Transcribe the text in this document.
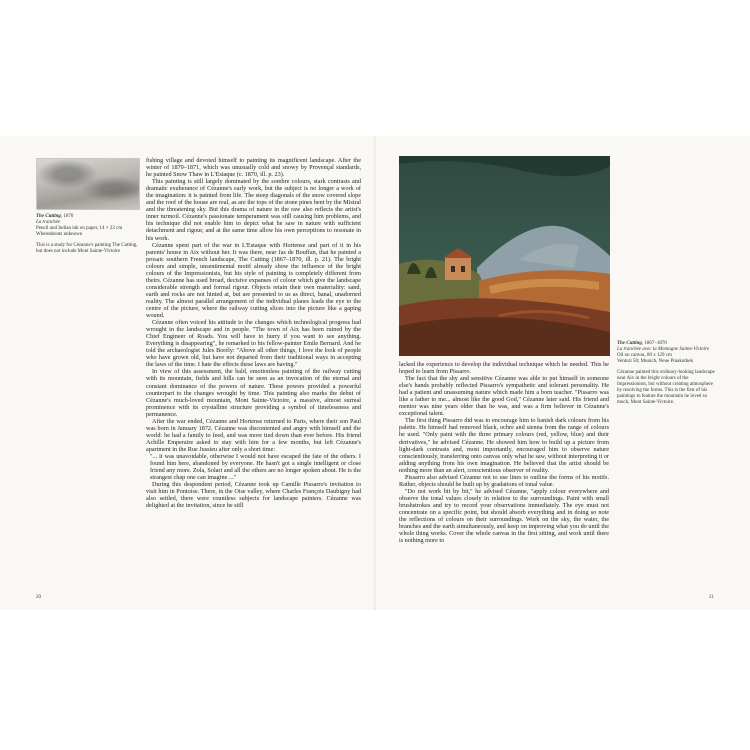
The Cutting, 1870
La tranchée
Pencil and Indian ink on paper, 14 × 23 cm
Whereabouts unknown
This is a study for Cézanne's painting The Cutting, but does not include Mont Sainte-Victoire

fishing village and devoted himself to painting its magnificent landscape. After the winter of 1870–1871, which was unusually cold and snowy by Provençal standards, he painted Snow Thaw in L'Estaque (c. 1870, ill. p. 23).

This painting is still largely dominated by the sombre colours, stark contrasts and dramatic exuberance of Cézanne's early work, but the subject is no longer a work of the imagination: it is painted from life. The steep diagonals of the snow covered slope and the roof of the house are real, as are the tops of the stone pines bent by the Mistral and the threatening sky. But this drama of nature in the raw also reflects the artist's inner turmoil. Cézanne's passionate temperament was still causing him problems, and his technique did not enable him to depict what he saw in nature with sufficient detachment and rigour, and at the same time allow his own perceptions to resonate in his work.

Cézanne spent part of the war in L'Estaque with Hortense and part of it in his parents' house in Aix without her. It was there, near Jas de Bouffan, that he painted a prosaic southern French landscape, The Cutting (1867–1870, ill. p. 21). The bright colours and simple, unsentimental motif already show the influence of the bright colours of the Impressionists, but his style of painting is completely different from theirs. Cézanne has used broad, decisive expanses of colour which give the landscape considerable strength and formal rigour. Objects retain their own materiality: sand, earth and rocks are not hinted at, but are presented to us as direct, banal, unadorned reality. The almost parallel arrangement of the individual planes leads the eye to the centre of the picture, where the railway cutting slices into the picture like a gaping wound.

Cézanne often voiced his attitude to the changes which technological progress had wrought in the landscape and in people. "The town of Aix has been ruined by the Chief Engineer of Roads. You will have to hurry if you want to see anything. Everything is disappearing", he remarked to his fellow-painter Emile Bernard. And he told the archaeologist Jules Borély: "Above all other things, I love the look of people who have grown old, but have not departed from their traditional ways in accepting the laws of the time. I hate the effects these laws are having."

In view of this assessment, the bald, emotionless painting of the railway cutting with its mountain, fields and hills can be seen as an invocation of the eternal and constant dominance of the powers of nature. These powers provided a powerful counterpart to the changes wrought by time. This painting also marks the debut of Cézanne's much-loved mountain, Mont Sainte-Victoire, a massive, almost surreal prominence with its crystalline structure providing a symbol of timelessness and permanence.

After the war ended, Cézanne and Hortense returned to Paris, where their son Paul was born in January 1872. Cézanne was discontented and angry with himself and the world: he had a family to feed, and was more tied down than ever before. His friend Achille Emperaire asked to stay with him for a few months, but left Cézanne's apartment in the Rue Jussieu after only a short time:

"... it was unavoidable, otherwise I would not have escaped the fate of the others. I found him here, abandoned by everyone. He hasn't got a single intelligent or close friend any more. Zola, Solari and all the others are no longer spoken about. He is the strangest chap one can imagine ..."

During this despondent period, Cézanne took up Camille Pissarro's invitation to visit him in Pontoise. There, in the Oise valley, where Charles François Daubigny had also settled, there were countless subjects for landscape painters. Cézanne was delighted at the invitation, since he still

20

lacked the experience to develop the individual technique which he needed. This he hoped to learn from Pissarro.

The fact that the shy and sensitive Cézanne was able to put himself in someone else's hands probably reflected Pissarro's sympathetic and tolerant personality. He had a patient and unassuming nature which made him a born teacher. "Pissarro was like a father to me... almost like the good God," Cézanne later said. His friend and mentor was nine years older than he was, and was a firm believer in Cézanne's exceptional talent.

The first thing Pissarro did was to encourage him to banish dark colours from his palette. He himself had removed black, ochre and sienna from the range of colours he used. "Only paint with the three primary colours (red, yellow, blue) and their derivatives," he advised Cézanne. He showed him how to build up a picture from light-dark contrasts and, most importantly, encouraged him to observe nature conscientiously, transferring onto canvas only what he saw, without interpreting it or adding anything from his own imagination. He believed that the artist should be nothing more than an alert, conscientious observer of reality.

Pissarro also advised Cézanne not to use lines to outline the forms of his motifs. Rather, objects should be built up by gradations of tonal value.

"Do not work bit by bit," he advised Cézanne, "apply colour everywhere and observe the tonal values closely in relation to the surroundings. Paint with small brushstrokes and try to record your observations immediately. The eye must not concentrate on a specific point, but should absorb everything and in doing so note the reflections of colours on their surroundings. Work on the sky, the water, the branches and the earth simultaneously, and keep on improving what you do until the whole thing works. Cover the whole canvas in the first sitting, and work until there is nothing more to

The Cutting, 1867–1870
La tranchée avec la Montagne Sainte-Victoire
Oil on canvas, 80 x 129 cm
Venturi 50; Munich, Neue Pinakothek
Cézanne painted this ordinary-looking landscape near Aix in the bright colours of the Impressionists, but without creating atmosphere by resolving the forms. This is the first of his paintings to feature the mountain he loved so much, Mont Sainte-Victoire.
21
